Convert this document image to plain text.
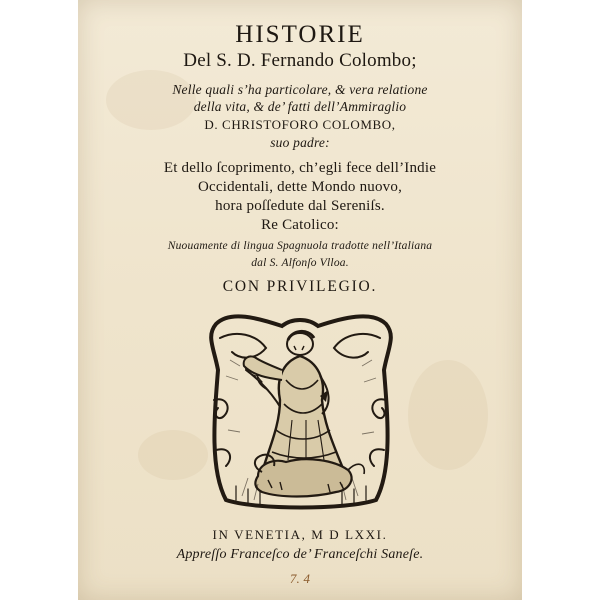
HISTORIE
Del S. D. Fernando Colombo;
Nelle quali s’ha particolare, & vera relatione
della vita, & de’ fatti dell’Ammiraglio
D. CHRISTOFORO COLOMBO,
suo padre:
Et dello ſcoprimento, ch’egli fece dell’Indie
Occidentali, dette Mondo nuovo,
hora poſſedute dal Sereniſs.
Re Catolico:
Nuouamente di lingua Spagnuola tradotte nell’Italiana
dal S. Alfonſo Vlloa.
CON PRIVILEGIO.
IN VENETIA, M D LXXI.
Appreſſo Franceſco de’ Franceſchi Saneſe.
7. 4
